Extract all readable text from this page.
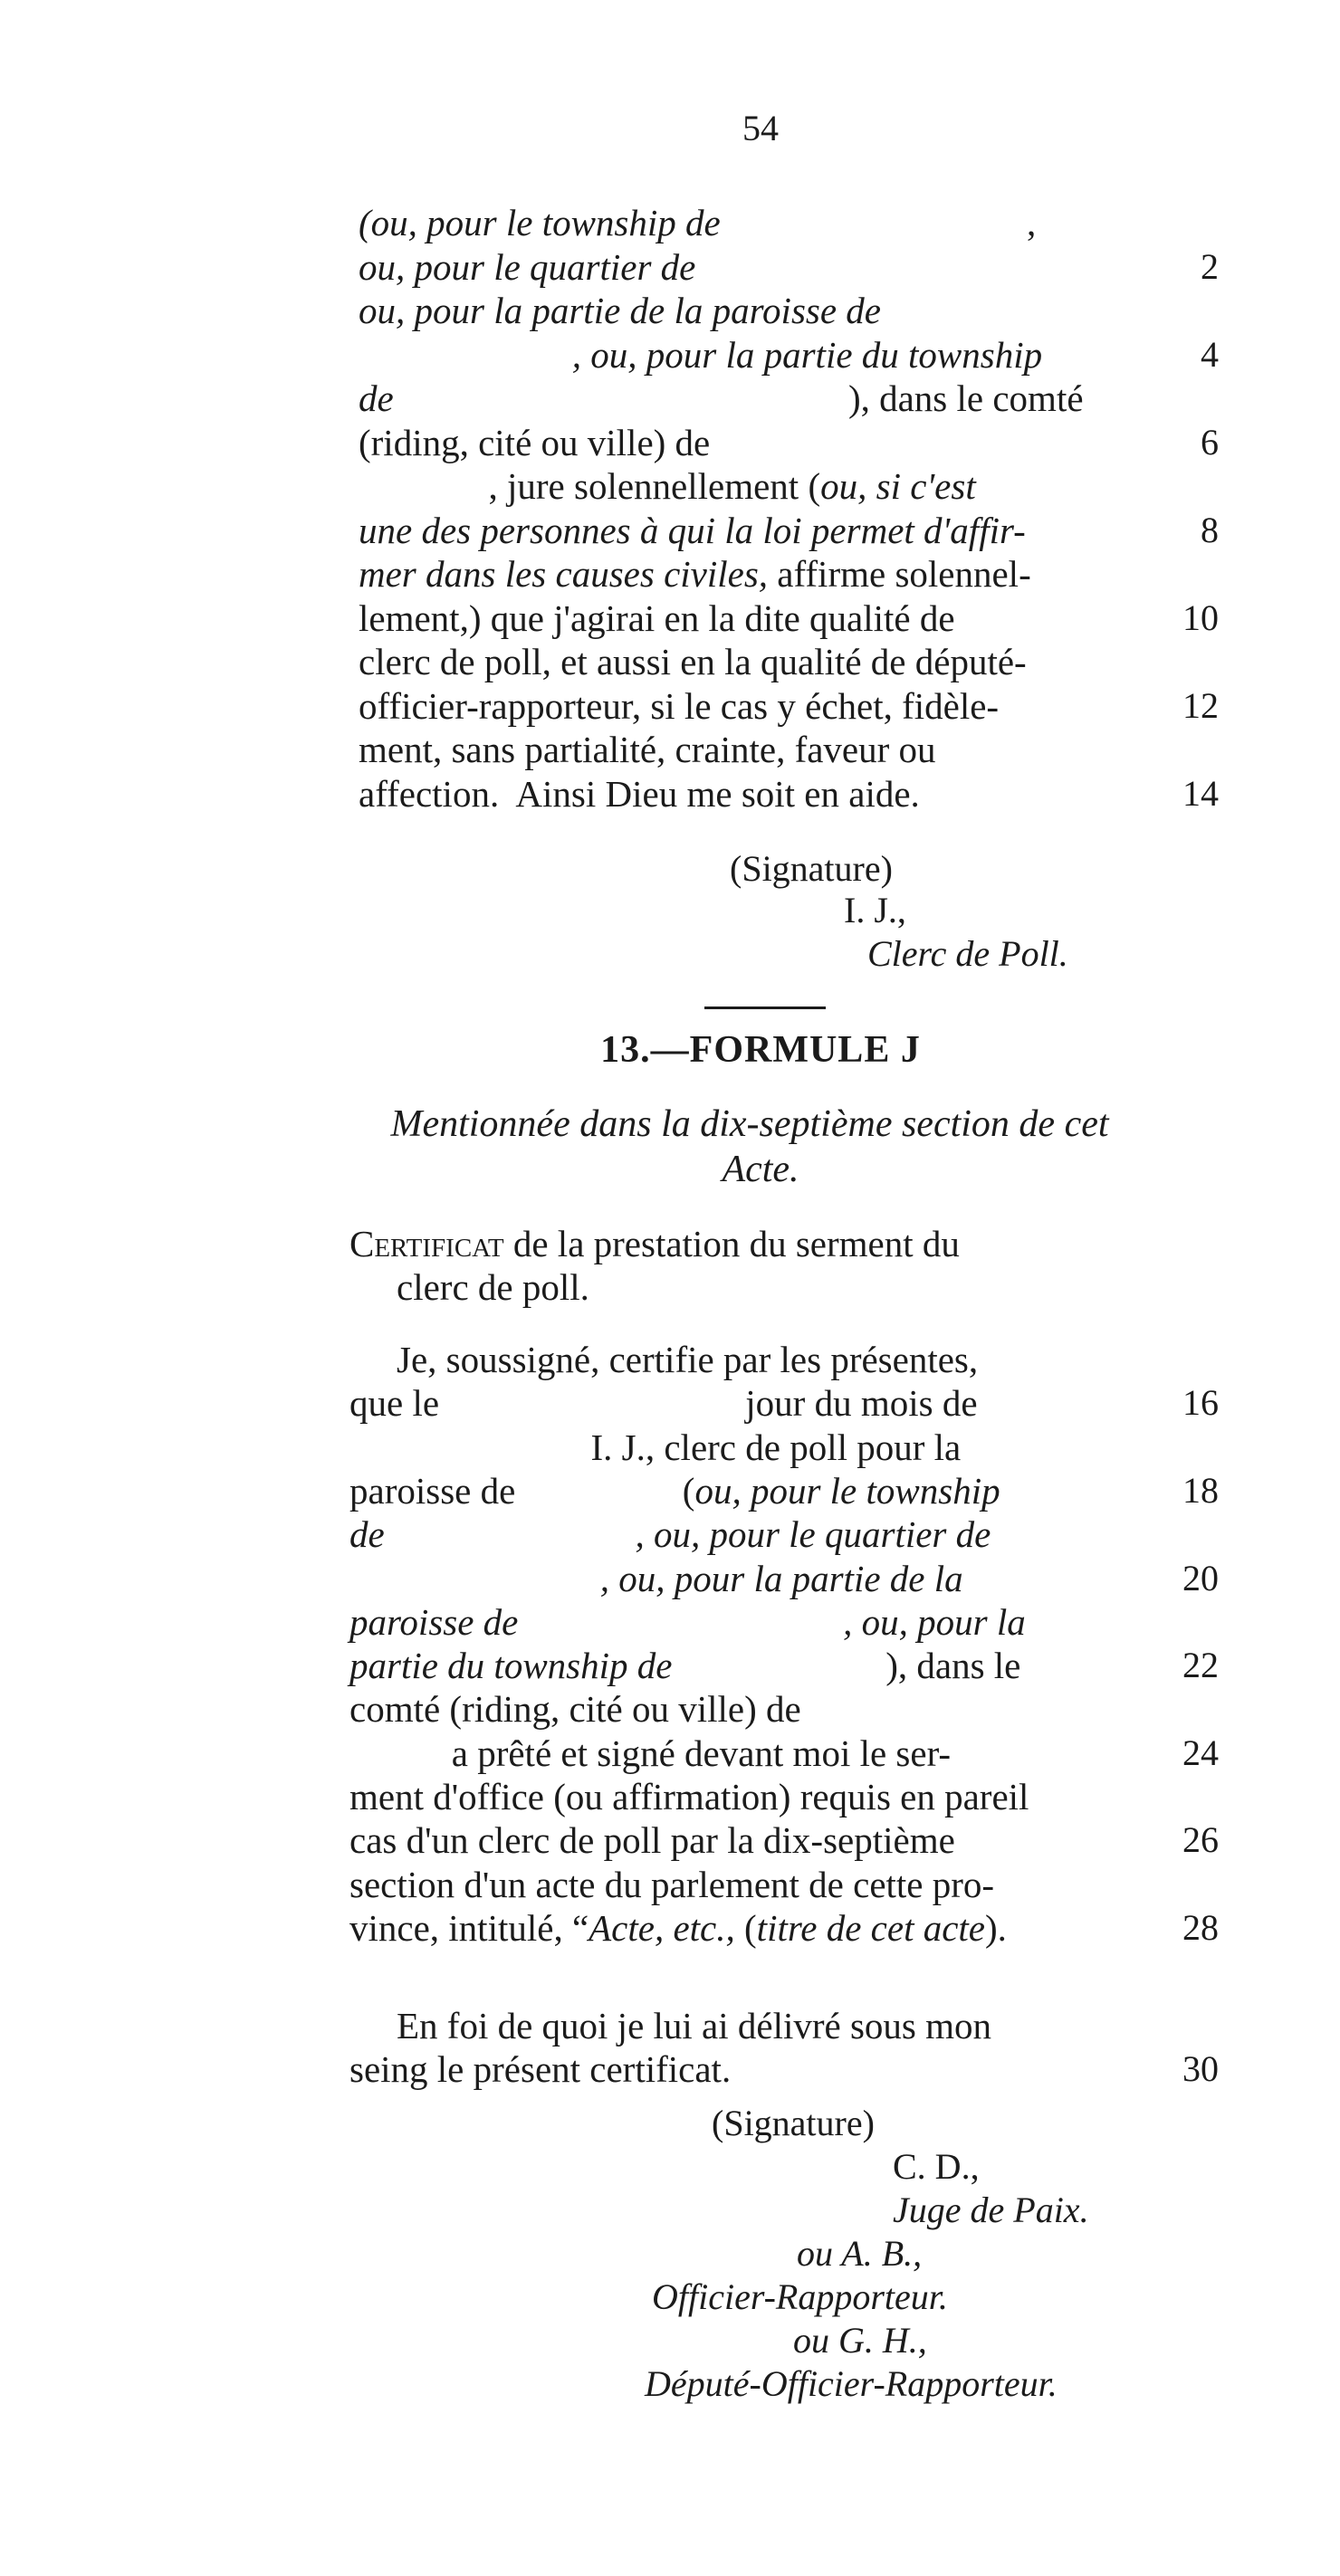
54
(ou, pour le township de                                 ,
ou, pour le quartier de	2
ou, pour la partie de la paroisse de
, ou, pour la partie du township	4
de                                                 ), dans le comté
(riding, cité ou ville) de	6
, jure solennellement (ou, si c'est
une des personnes à qui la loi permet d'affir-	8
mer dans les causes civiles, affirme solennel-
lement,) que j'agirai en la dite qualité de	10
clerc de poll, et aussi en la qualité de député-
officier-rapporteur, si le cas y échet, fidèle-	12
ment, sans partialité, crainte, faveur ou
affection.  Ainsi Dieu me soit en aide.	14
(Signature)
I. J.,
Clerc de Poll.
13.—FORMULE J
Mentionnée dans la dix-septième section de cet
Acte.
Certificat de la prestation du serment du
clerc de poll.
Je, soussigné, certifie par les présentes,
que le                                 jour du mois de	16
I. J., clerc de poll pour la
paroisse de                  (ou, pour le township	18
de	, ou, pour le quartier de
, ou, pour la partie de la	20
paroisse de	, ou, pour la
partie du township de                       ), dans le	22
comté (riding, cité ou ville) de
a prêté et signé devant moi le ser-	24
ment d'office (ou affirmation) requis en pareil
cas d'un clerc de poll par la dix-septième	26
section d'un acte du parlement de cette pro-
vince, intitulé, “Acte, etc., (titre de cet acte).	28
En foi de quoi je lui ai délivré sous mon
seing le présent certificat.	30
(Signature)
C. D.,
Juge de Paix.
ou A. B.,
Officier-Rapporteur.
ou G. H.,
Député-Officier-Rapporteur.
